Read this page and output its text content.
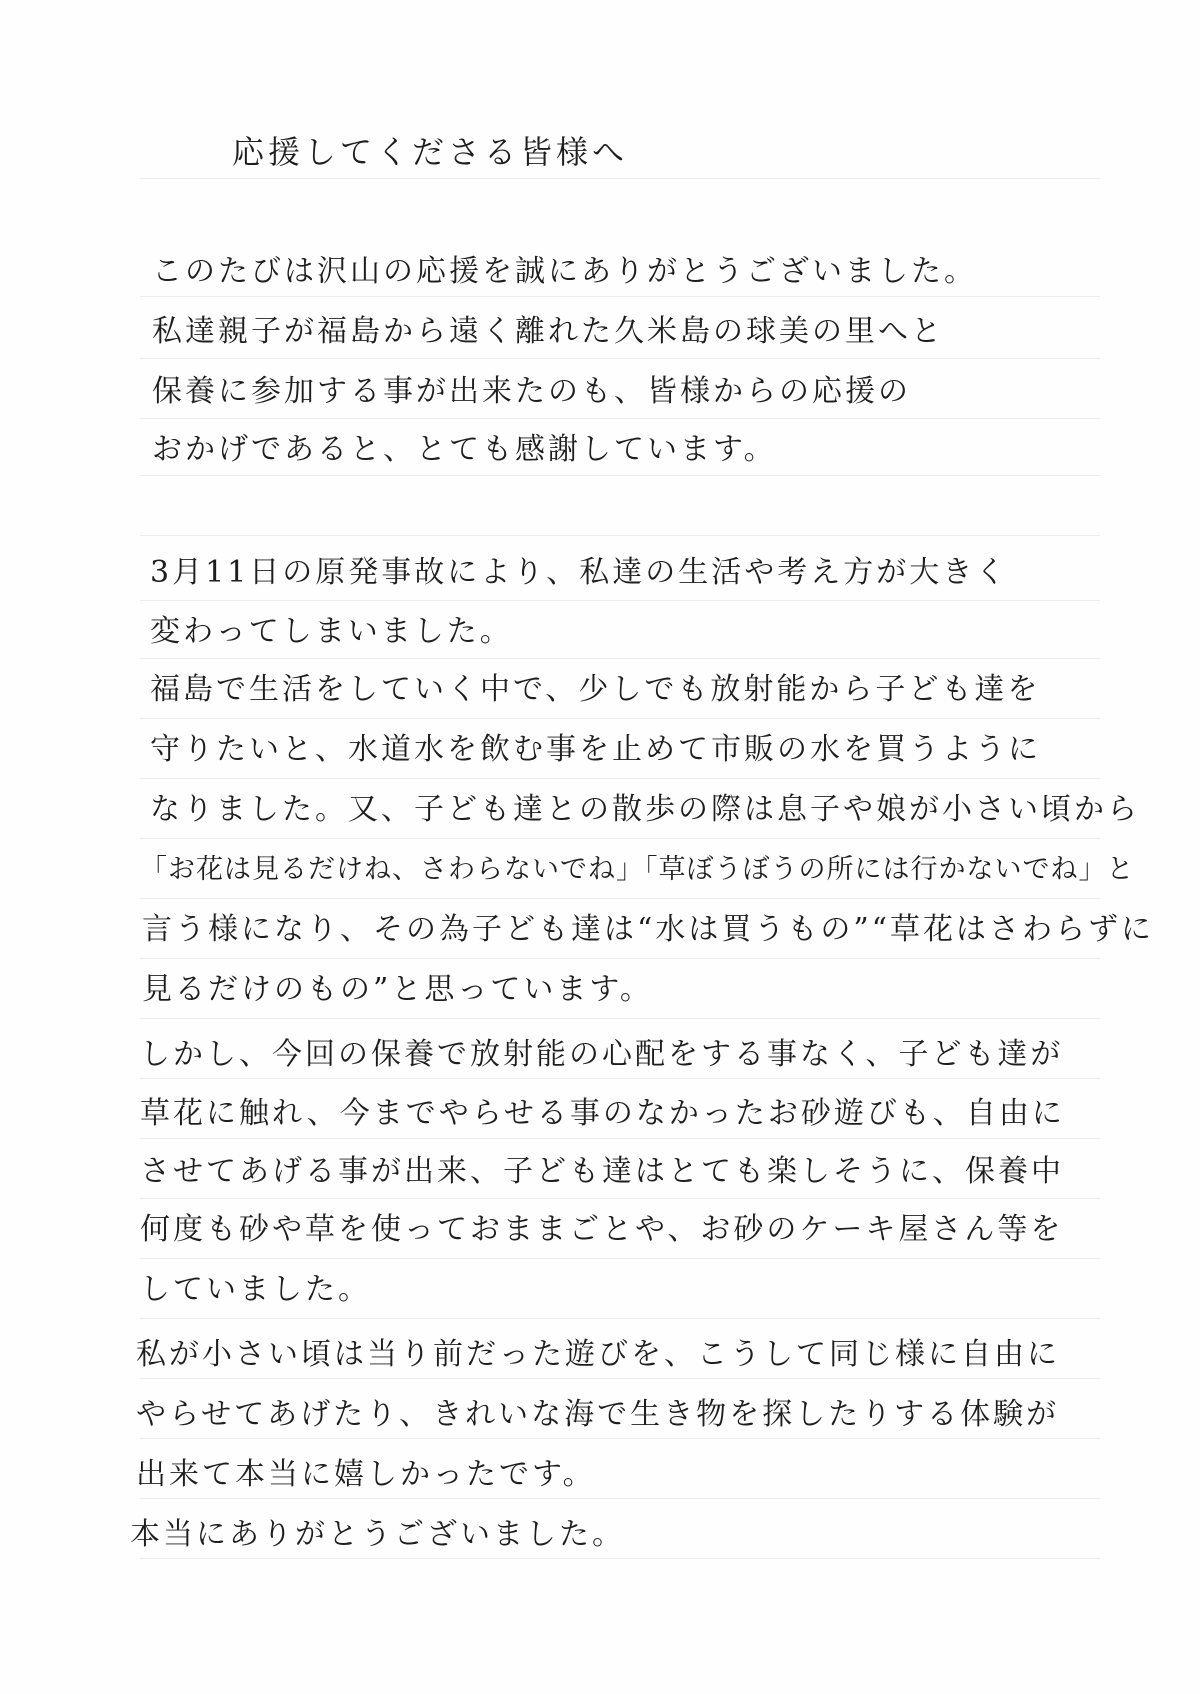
応援してくださる皆様へ
このたびは沢山の応援を誠にありがとうございました。
私達親子が福島から遠く離れた久米島の球美の里へと
保養に参加する事が出来たのも、皆様からの応援の
おかげであると、とても感謝しています。
3月11日の原発事故により、私達の生活や考え方が大きく
変わってしまいました。
福島で生活をしていく中で、少しでも放射能から子ども達を
守りたいと、水道水を飲む事を止めて市販の水を買うように
なりました。又、子ども達との散歩の際は息子や娘が小さい頃から
「お花は見るだけね、さわらないでね」「草ぼうぼうの所には行かないでね」と
言う様になり、その為子ども達は“水は買うもの”“草花はさわらずに
見るだけのもの”と思っています。
しかし、今回の保養で放射能の心配をする事なく、子ども達が
草花に触れ、今までやらせる事のなかったお砂遊びも、自由に
させてあげる事が出来、子ども達はとても楽しそうに、保養中
何度も砂や草を使っておままごとや、お砂のケーキ屋さん等を
していました。
私が小さい頃は当り前だった遊びを、こうして同じ様に自由に
やらせてあげたり、きれいな海で生き物を探したりする体験が
出来て本当に嬉しかったです。
本当にありがとうございました。
